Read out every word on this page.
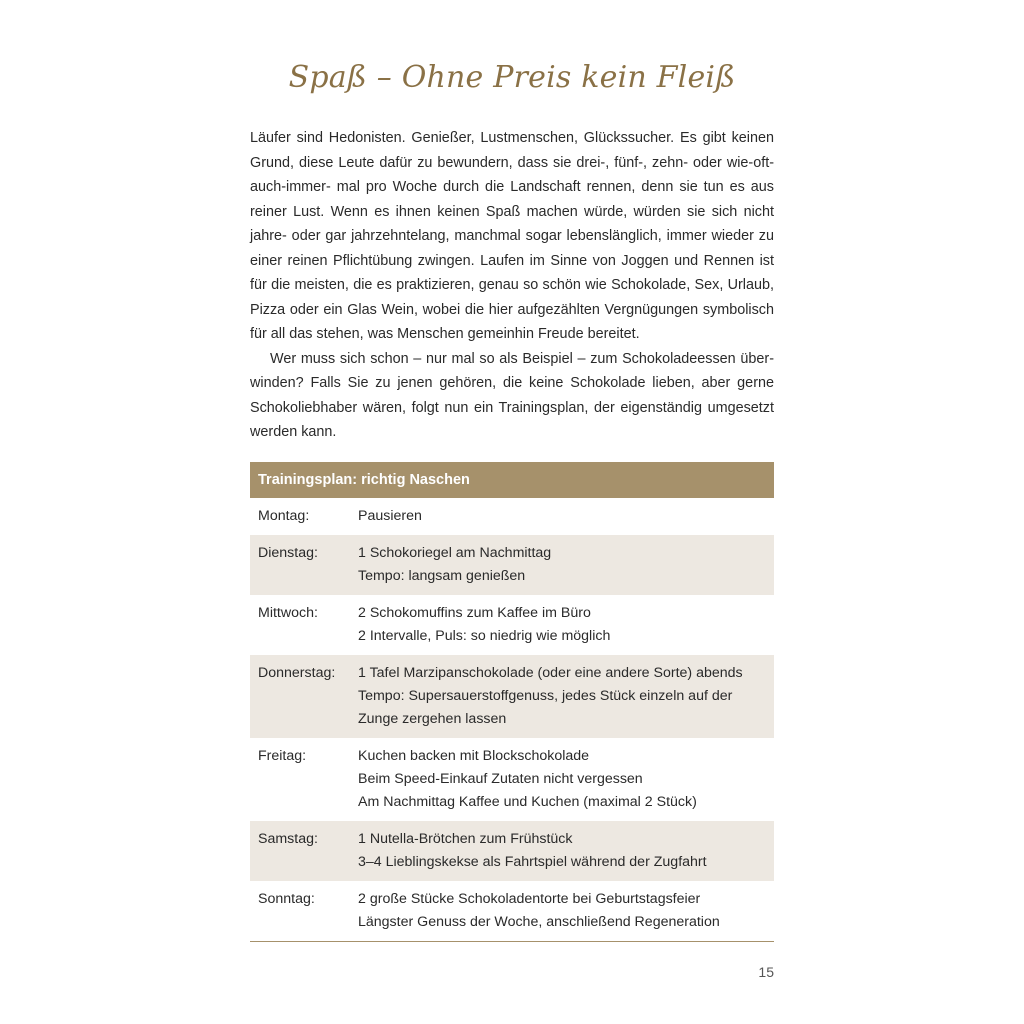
Spaß – Ohne Preis kein Fleiß

Läufer sind Hedonisten. Genießer, Lustmenschen, Glückssucher. Es gibt keinen Grund, diese Leute dafür zu bewundern, dass sie drei-, fünf-, zehn- oder wie-oft-auch-immer- mal pro Woche durch die Landschaft rennen, denn sie tun es aus reiner Lust. Wenn es ihnen keinen Spaß machen würde, würden sie sich nicht jahre- oder gar jahrzehntelang, manchmal sogar lebenslänglich, immer wieder zu einer reinen Pflichtübung zwingen. Laufen im Sinne von Joggen und Rennen ist für die meisten, die es praktizieren, genau so schön wie Schokolade, Sex, Urlaub, Pizza oder ein Glas Wein, wobei die hier aufgezählten Vergnügungen symbolisch für all das stehen, was Menschen gemeinhin Freude bereitet.

Wer muss sich schon – nur mal so als Beispiel – zum Schokoladeessen überwinden? Falls Sie zu jenen gehören, die keine Schokolade lieben, aber gerne Schokoliebhaber wären, folgt nun ein Trainingsplan, der eigenständig umgesetzt werden kann.

Trainingsplan: richtig Naschen
Montag:	Pausieren
Dienstag:	1 Schokoriegel am Nachmittag
Tempo: langsam genießen
Mittwoch:	2 Schokomuffins zum Kaffee im Büro
2 Intervalle, Puls: so niedrig wie möglich
Donnerstag:	1 Tafel Marzipanschokolade (oder eine andere Sorte) abends
Tempo: Supersauerstoffgenuss, jedes Stück einzeln auf der
Zunge zergehen lassen
Freitag:	Kuchen backen mit Blockschokolade
Beim Speed-Einkauf Zutaten nicht vergessen
Am Nachmittag Kaffee und Kuchen (maximal 2 Stück)
Samstag:	1 Nutella-Brötchen zum Frühstück
3–4 Lieblingskekse als Fahrtspiel während der Zugfahrt
Sonntag:	2 große Stücke Schokoladentorte bei Geburtstagsfeier
Längster Genuss der Woche, anschließend Regeneration
15
